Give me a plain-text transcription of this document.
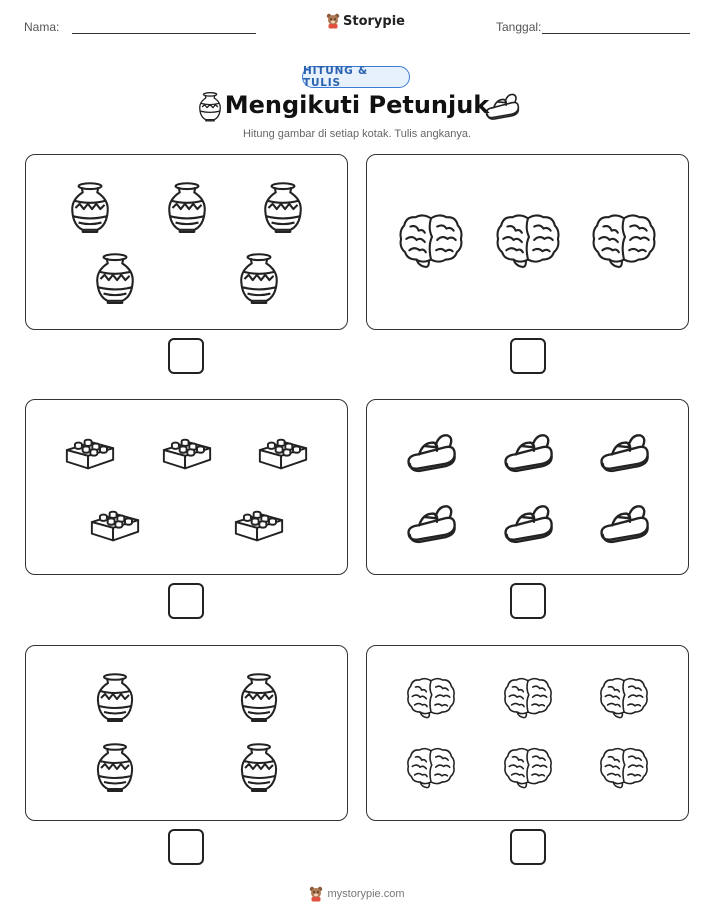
Nama:	Storypie	Tanggal:
HITUNG & TULIS
Mengikuti Petunjuk
Hitung gambar di setiap kotak. Tulis angkanya.
mystorypie.com
